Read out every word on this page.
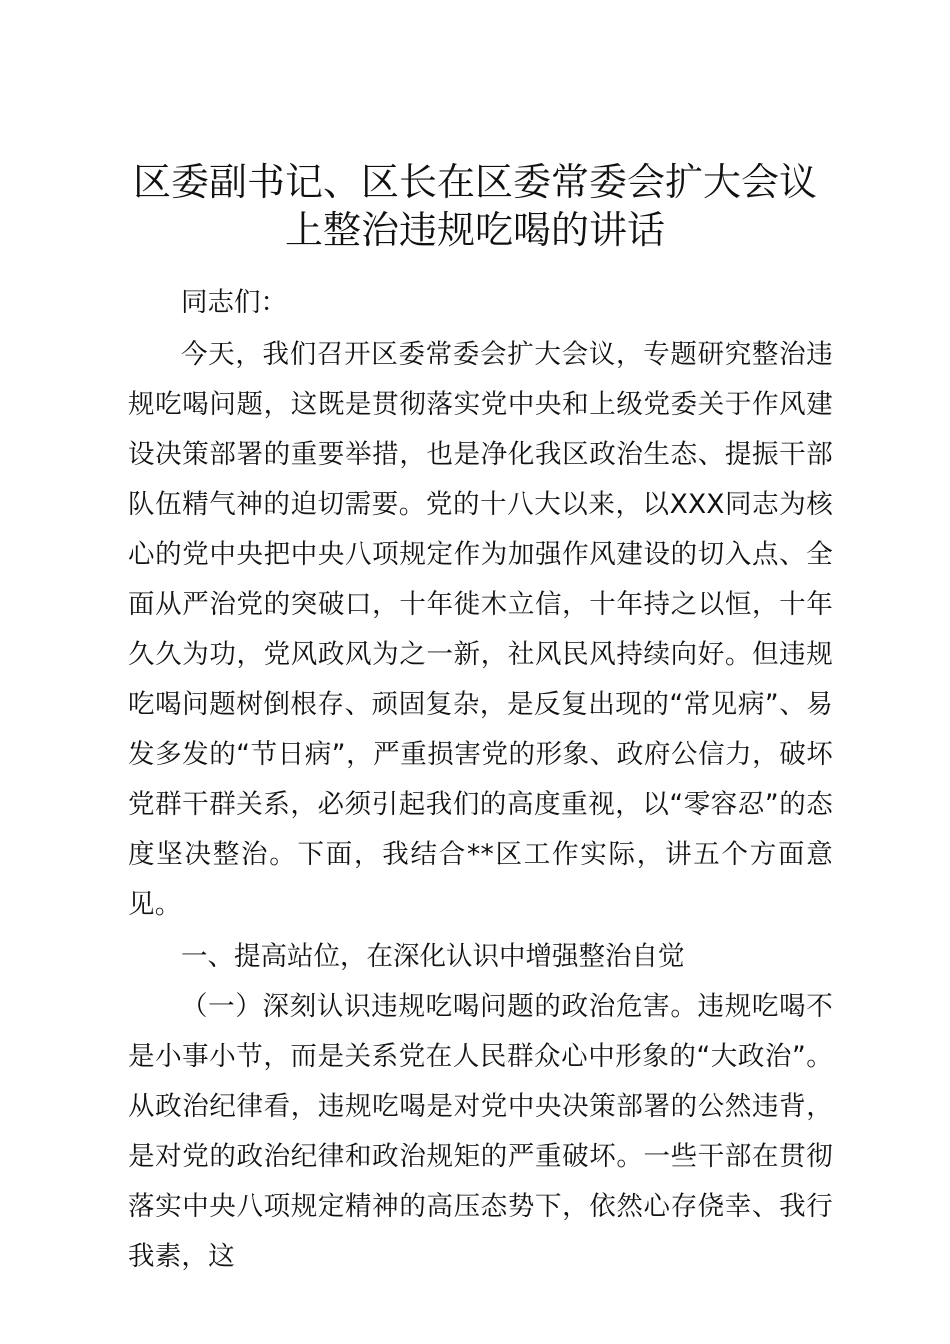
区委副书记、区长在区委常委会扩大会议上整治违规吃喝的讲话

同志们：

今天，我们召开区委常委会扩大会议，专题研究整治违规吃喝问题，这既是贯彻落实党中央和上级党委关于作风建设决策部署的重要举措，也是净化我区政治生态、提振干部队伍精气神的迫切需要。党的十八大以来，以XXX同志为核心的党中央把中央八项规定作为加强作风建设的切入点、全面从严治党的突破口，十年徙木立信，十年持之以恒，十年久久为功，党风政风为之一新，社风民风持续向好。但违规吃喝问题树倒根存、顽固复杂，是反复出现的“常见病”、易发多发的“节日病”，严重损害党的形象、政府公信力，破坏党群干群关系，必须引起我们的高度重视，以“零容忍”的态度坚决整治。下面，我结合**区工作实际，讲五个方面意见。

一、提高站位，在深化认识中增强整治自觉

（一）深刻认识违规吃喝问题的政治危害。违规吃喝不是小事小节，而是关系党在人民群众心中形象的“大政治”。从政治纪律看，违规吃喝是对党中央决策部署的公然违背，是对党的政治纪律和政治规矩的严重破坏。一些干部在贯彻落实中央八项规定精神的高压态势下，依然心存侥幸、我行我素，这
